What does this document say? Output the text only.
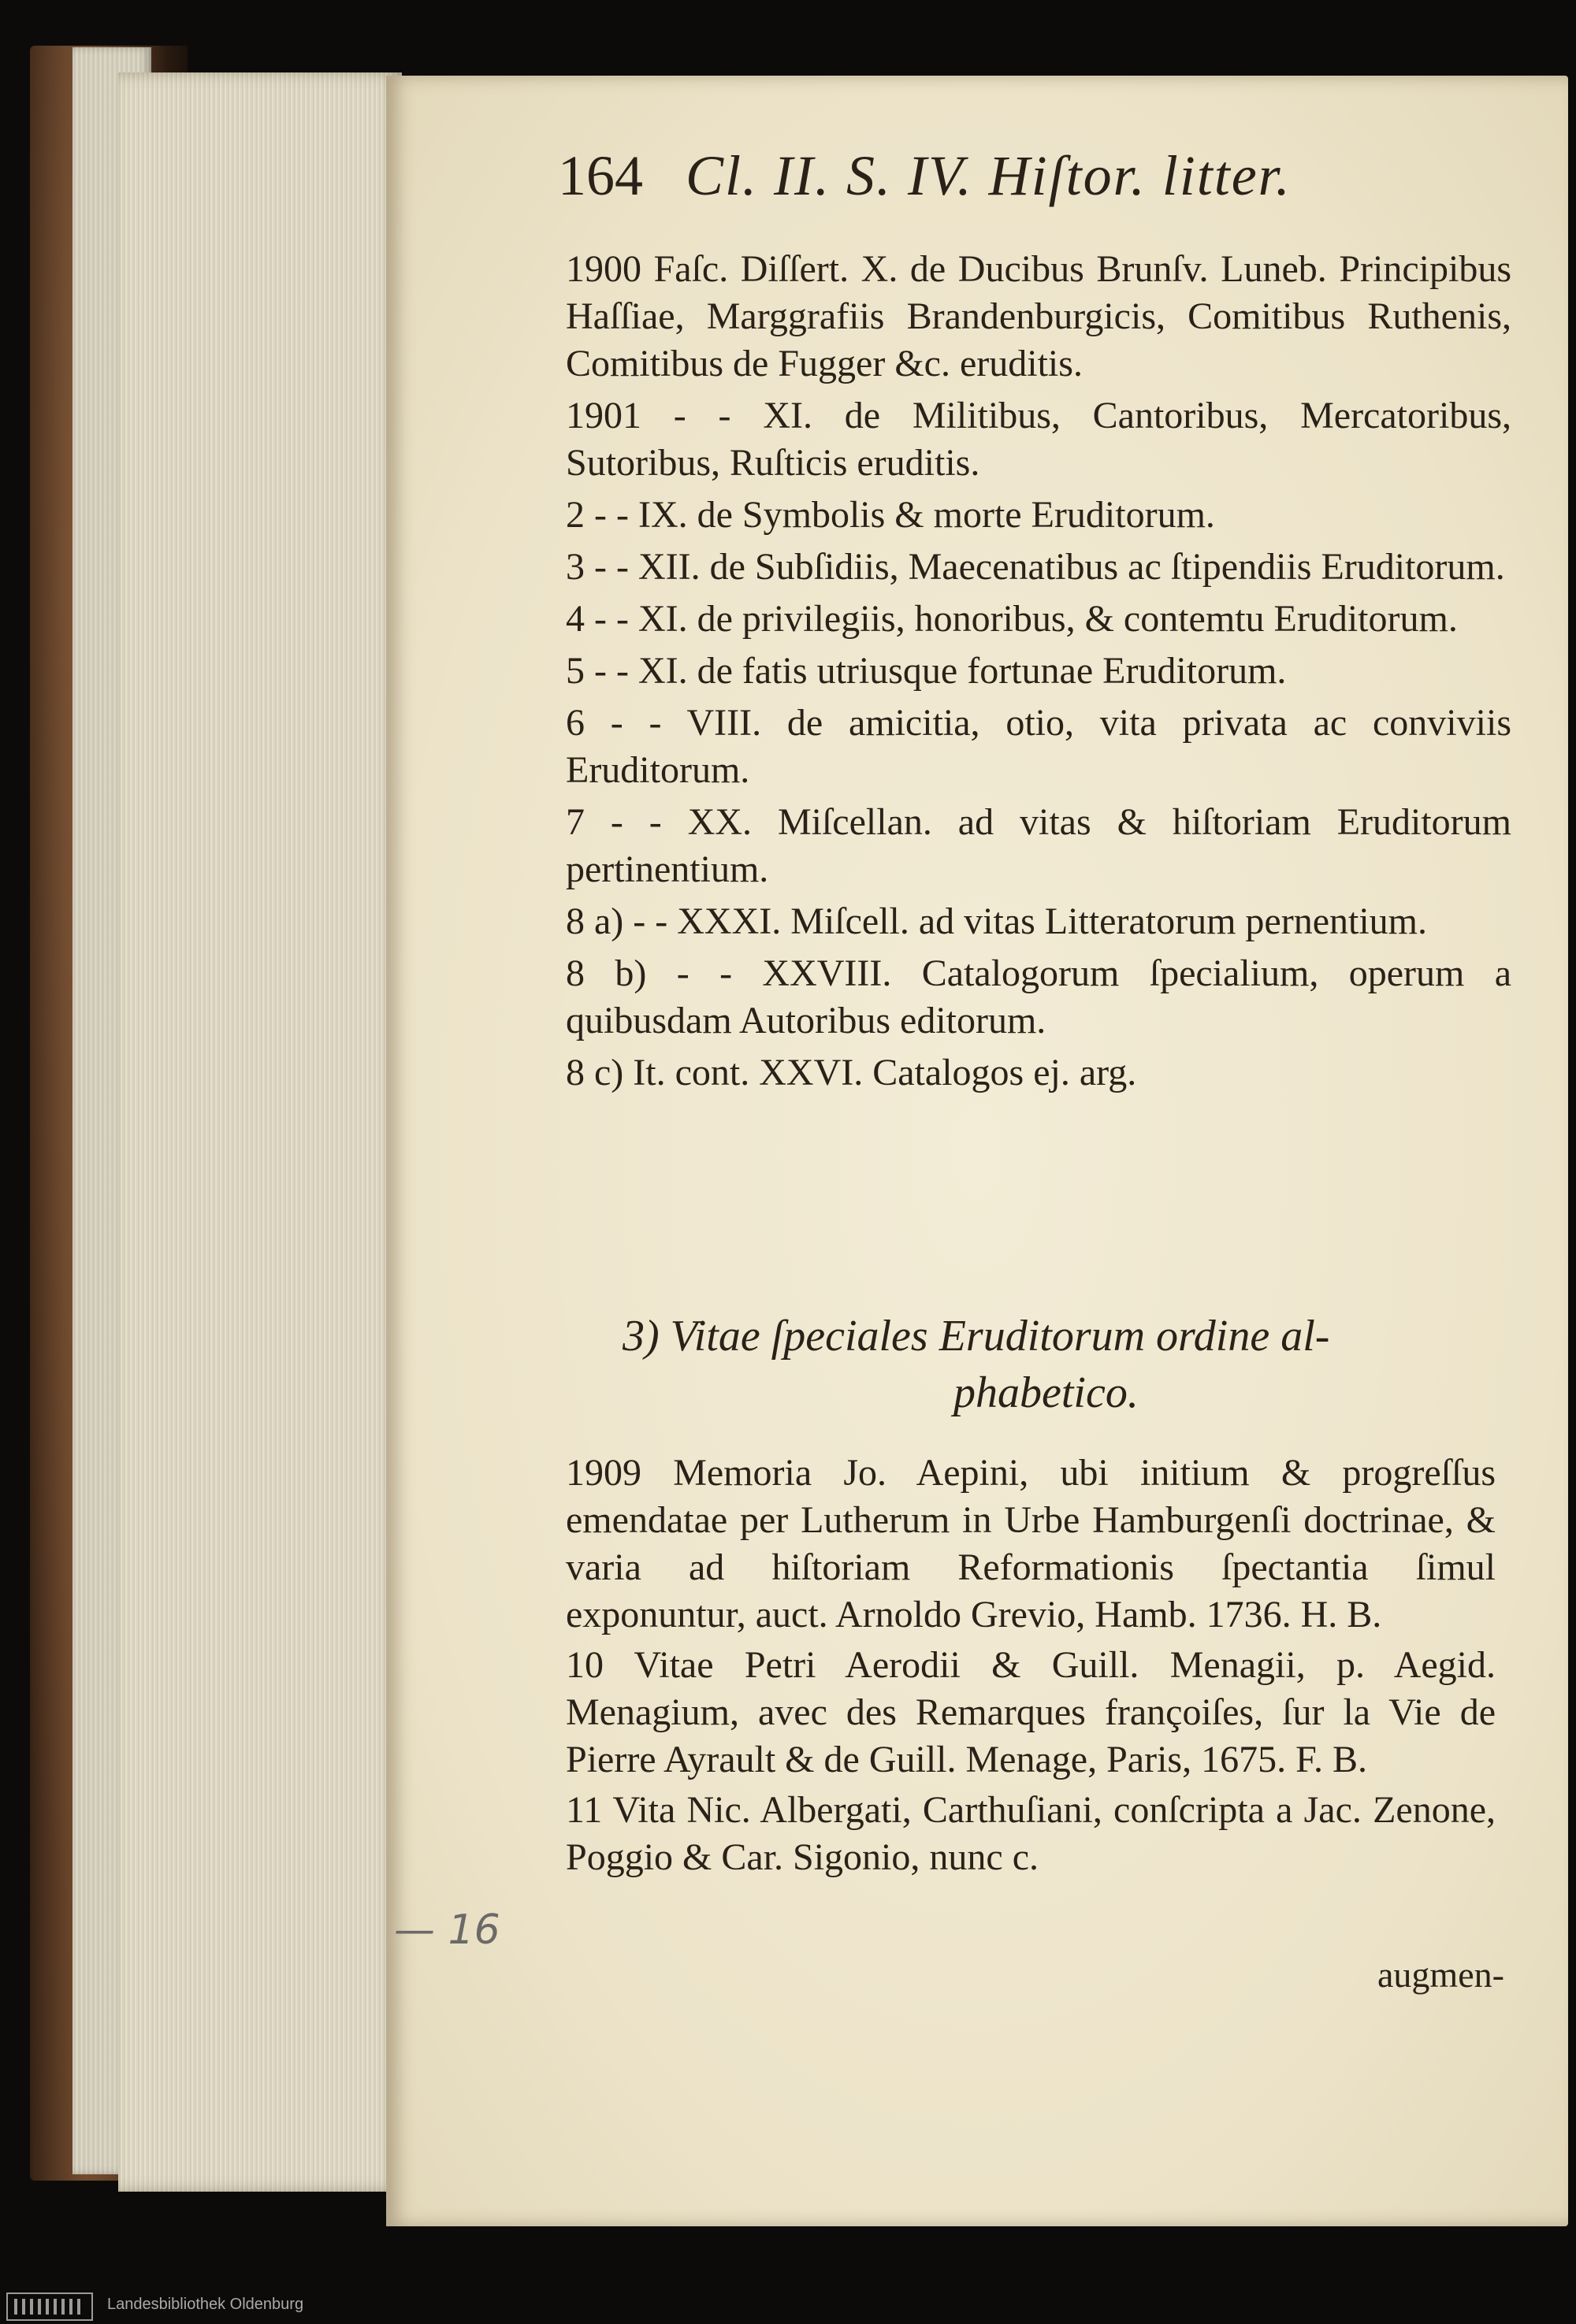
164 Cl. II. S. IV. Hiſtor. litter.

1900 Faſc. Diſſert. X. de Ducibus Brunſv. Luneb. Principibus Haſſiae, Marggrafiis Brandenburgicis, Comitibus Ruthenis, Comitibus de Fugger &c. eruditis.

1901 - - XI. de Militibus, Cantoribus, Mercatoribus, Sutoribus, Ruſticis eruditis.

2 - - IX. de Symbolis & morte Eruditorum.

3 - - XII. de Subſidiis, Maecenatibus ac ſtipendiis Eruditorum.

4 - - XI. de privilegiis, honoribus, & contemtu Eruditorum.

5 - - XI. de fatis utriusque fortunae Eruditorum.

6 - - VIII. de amicitia, otio, vita privata ac conviviis Eruditorum.

7 - - XX. Miſcellan. ad vitas & hiſtoriam Eruditorum pertinentium.

8 a) - - XXXI. Miſcell. ad vitas Litteratorum pernentium.

8 b) - - XXVIII. Catalogorum ſpecialium, operum a quibusdam Autoribus editorum.

8 c) It. cont. XXVI. Catalogos ej. arg.

3) Vitae ſpeciales Eruditorum ordine al-
phabetico.

1909 Memoria Jo. Aepini, ubi initium & progreſſus emendatae per Lutherum in Urbe Hamburgenſi doctrinae, & varia ad hiſtoriam Reformationis ſpectantia ſimul exponuntur, auct. Arnoldo Grevio, Hamb. 1736. H. B.

10 Vitae Petri Aerodii & Guill. Menagii, p. Aegid. Menagium, avec des Remarques françoiſes, ſur la Vie de Pierre Ayrault & de Guill. Menage, Paris, 1675. F. B.

11 Vita Nic. Albergati, Carthuſiani, conſcripta a Jac. Zenone, Poggio & Car. Sigonio, nunc c.

augmen-
— 16
Landesbibliothek Oldenburg
